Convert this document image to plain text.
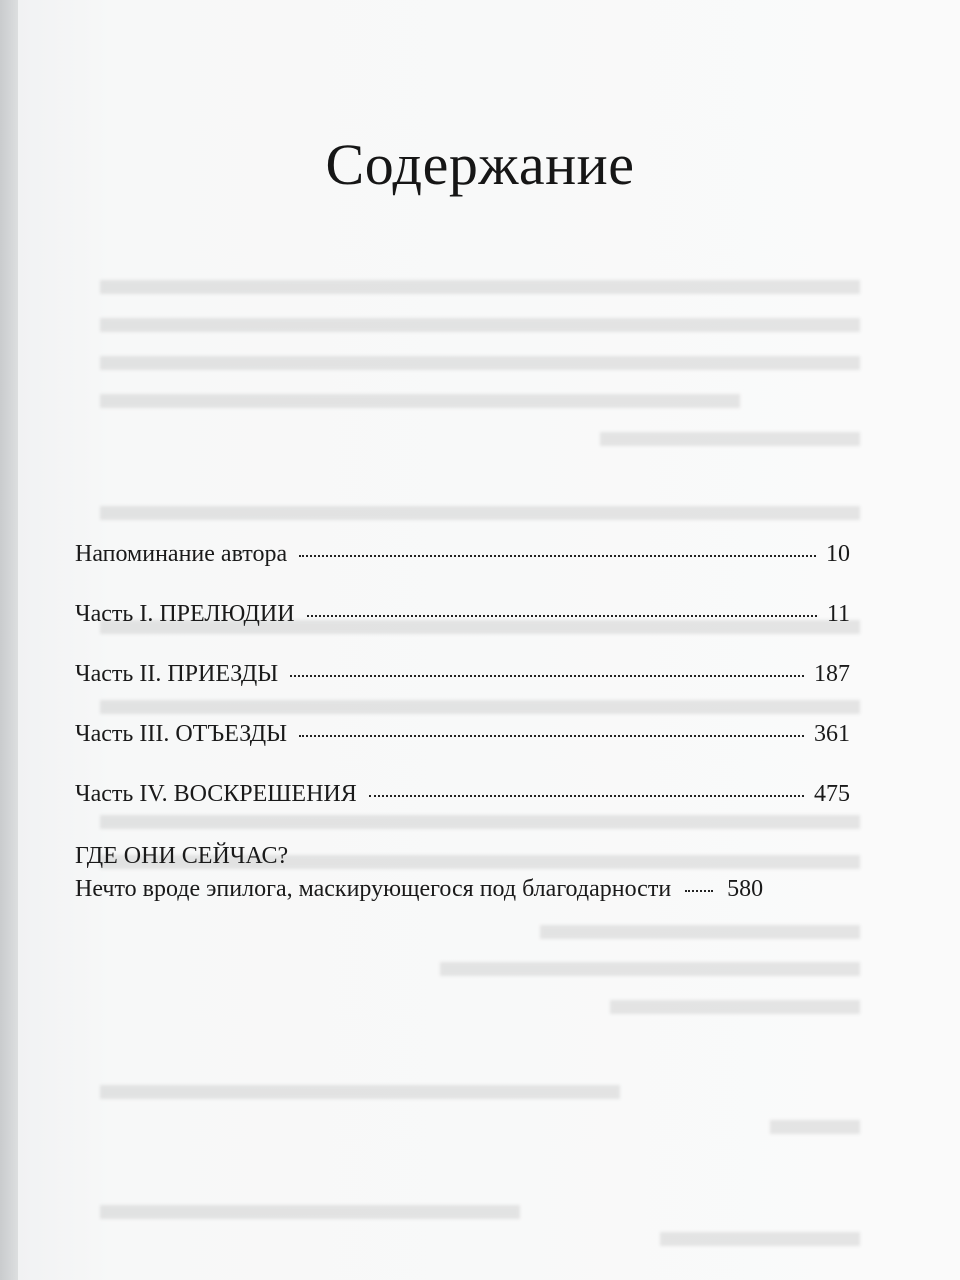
Содержание
Напоминание автора	10
Часть I. ПРЕЛЮДИИ	11
Часть II. ПРИЕЗДЫ	187
Часть III. ОТЪЕЗДЫ	361
Часть IV. ВОСКРЕШЕНИЯ	475
ГДЕ ОНИ СЕЙЧАС?
Нечто вроде эпилога, маскирующегося под благодарности 580
